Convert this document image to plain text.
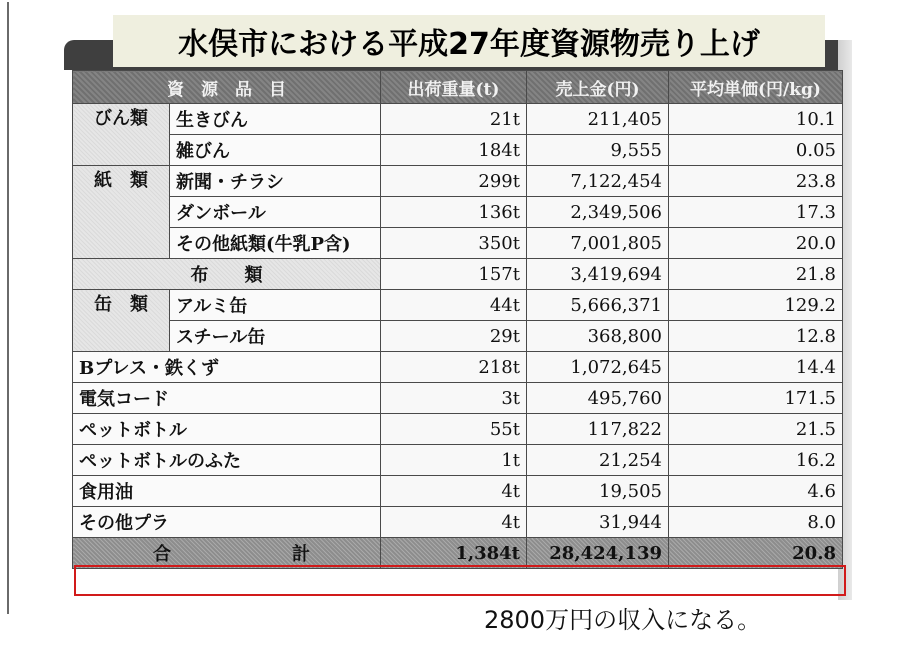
水俣市における平成27年度資源物売り上げ
資　源　品　目		出荷重量(t)	売上金(円)	平均単価(円/kg)
びん類	生きびん	21t	211,405	10.1
	雑びん	184t	9,555	0.05
紙　類	新聞・チラシ	299t	7,122,454	23.8
	ダンボール	136t	2,349,506	17.3
	その他紙類(牛乳P含)	350t	7,001,805	20.0
布　　類		157t	3,419,694	21.8
缶　類	アルミ缶	44t	5,666,371	129.2
	スチール缶	29t	368,800	12.8
Bプレス・鉄くず		218t	1,072,645	14.4
電気コード		3t	495,760	171.5
ペットボトル		55t	117,822	21.5
ペットボトルのふた		1t	21,254	16.2
食用油		4t	19,505	4.6
その他プラ		4t	31,944	8.0

合 計		1,384t	28,424,139	20.8
2800万円の収入になる。
